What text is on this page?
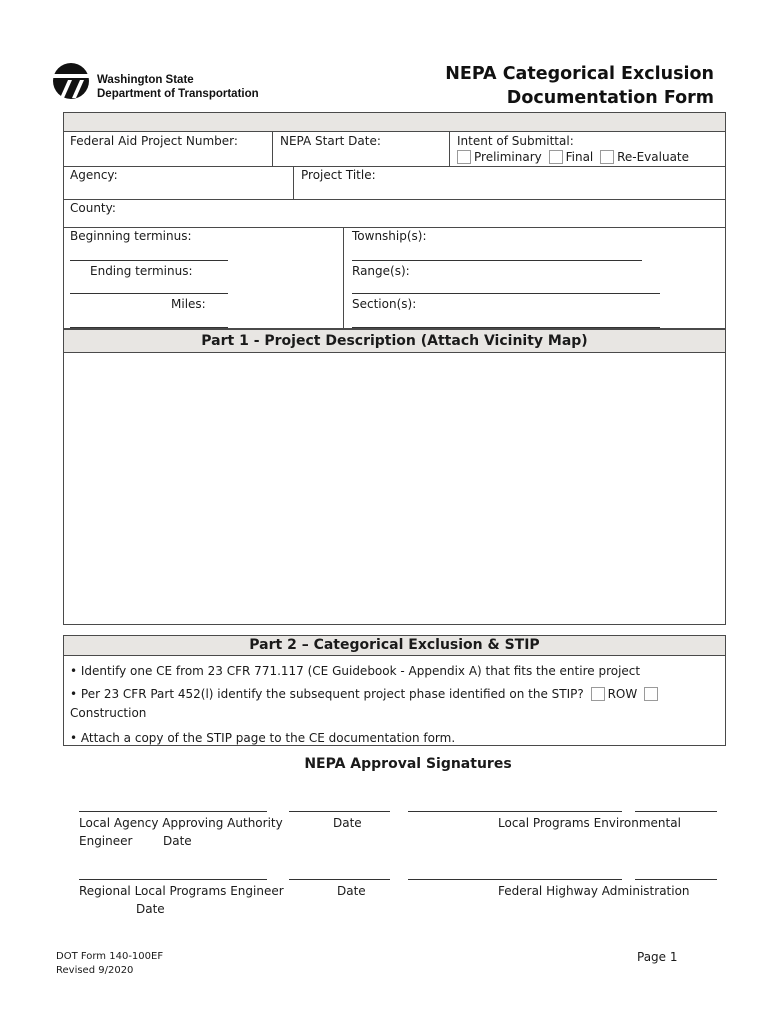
Washington State
Department of Transportation
NEPA Categorical Exclusion
Documentation Form
Federal Aid Project Number:	NEPA Start Date:	Intent of Submittal:
Preliminary Final Re-Evaluate
Agency:	Project Title:
County:
Beginning terminus:
Ending terminus:
Miles:
Township(s):
Range(s):
Section(s):
Part 1 - Project Description (Attach Vicinity Map)
Part 2 – Categorical Exclusion & STIP
• Identify one CE from 23 CFR 771.117 (CE Guidebook - Appendix A) that fits the entire project
• Per 23 CFR Part 452(l) identify the subsequent project phase identified on the STIP? ROW
Construction
• Attach a copy of the STIP page to the CE documentation form.
NEPA Approval Signatures
Local Agency Approving Authority	Date	Local Programs Environmental
Engineer	Date
Regional Local Programs Engineer	Date	Federal Highway Administration
Date
DOT Form 140-100EF
Revised 9/2020
Page 1
